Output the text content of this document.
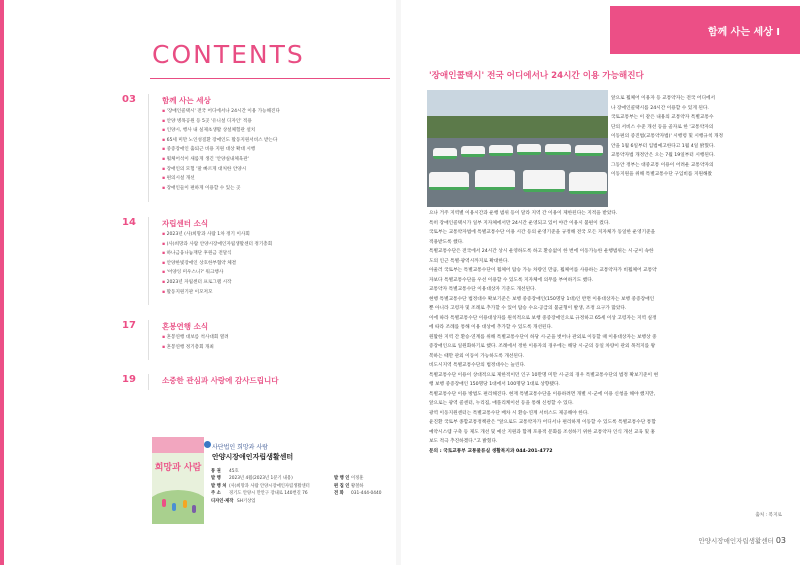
CONTENTS
03	함께 사는 세상
▪ '장애인콜택시' 전국 어디에서나 24시간 이용 가능해진다
▪ 안양 병목공원 등 5곳 '유니설 디자인' 적용
▪ 인양시, 행사 내 실제초생활 상설체험관 설치
▪ 65세 미만 노인성질환 장애인도 활동지원서비스 받는다
▪ 중증장애인 출퇴근 비용 지원 대상 확대 시행
▪ 휠체어석이 새롭게 생긴 '안양실내체육관'
▪ 장애인의 모험 '말 빠르게 대처한 안양시
▪ 편의시설 개선
▪ 장애인들이 편하게 이용할 수 있는 곳
14	자립센터 소식
▪ 2023년 (사)희망과 사람 1차 정기 이사회
▪ (사)희망과 사람 안양시장애인자립생활센터 정기총회
▪ 하나금융나눔재단 후원금 전달식
▪ 안양한빛장애인 상호한부협약 체결
▪ '어양잉 미우스니?' 워크행사
▪ 2023년 자립센터 프로그램 시작
▪ 활동지원기관 이모저모
17	혼봉연행 소식
▪ 혼봉연행 대보름 척사대회 열려
▪ 혼봉연행 정기총회 개최
19	소중한 관심과 사랑에 감사드립니다
희망과 사람
사단법인 희망과 사람
안양시장애인자립생활센터
통 권	45호
발 행	2023년 4월(2023년 1분기 내용)	발 행 인 이정훈
발 행 처 (사)희망과 사람 안양시장애인자립생활센터	편 집 인 황철하
주 소	경기도 안양시 만안구 장내로 140번길 76	전 화	031-444-0440
디자인·제작 SH기상업
함께 사는 세상 Ⅰ
'장애인콜택시' 전국 어디에서나 24시간 이용 가능해진다

앞으로 휠체어 이용자 등 교통약자는 전국 어디에서

나 장애인콜택시를 24시간 이용할 수 있게 된다.

국토교통부는 이 같은 내용의 교통약자 특별교통수

단의 서비스 수준 개선 등을 골자로 한 '교통약자의

이동편의 증진법(교통약자법)' 시행령 및 시행규칙 개정

안을 1월 6일부터 입법예고한다고 1월 4일 밝혔다.

교통약자법 개정안은 오는 7월 19일부터 시행된다.

그동안 정부는 대중교통 이용이 어려운 교통약자의

이동지원을 위해 특별교통수단 구입비를 지원해왔

으나 거주 지역별 이용시간과 운행 범위 등이 달라 지역 간 이용이 제한된다는 지적을 받았다.

특히 장애인콜택시가 일부 지자체에서만 24시간 운영되고 있어 야간 이용시 불편이 컸다.

국토부는 교통약자법에 특별교통수단 이용 시간 등의 운영기준을 규정해 전국 모든 지자체가 동일한 운영기준을

적용받도록 했다.

특별교통수단은 전국에서 24시간 상시 운영하도록 하고 환승없이 한 번에 이동가능한 운행범위는 시·군이 속한

도의 인근 특별·광역시까지로 확대한다.

아울러 국토부는 특별교통수단이 휠체어 탑승 가능 차량인 만큼, 휠체어를 사용하는 교통약자가 비휠체어 교통약

자보다 특별교통수단을 우선 이용할 수 있도록 지자체에 의무를 부여하기도 했다.

교통약자 특별교통수단 이용대상자 기준도 개선된다.

현행 특별교통수단 법정대수 확보기준은 보행 중증장애인(150명당 1대)인 반면 이용대상자는 보행 중증장애인

뿐 아니라 고령자 및 조례로 추가할 수 있어 탑승 수요·공급의 불균형이 발생, 조정 요구가 많았다.

이에 따라 특별교통수단 이용대상자를 원칙적으로 보행 중증장애인으로 규정하고 65세 이상 고령자는 지역 실정

에 따라 조례를 통해 이용 대상에 추가할 수 있도록 개선된다.

원활한 지역 간 환승·연계를 위해 특별교통수단이 하당 시·군을 벗어나 관외로 이동할 때 이용대상자는 보행상 중

증장애인으로 일원화하기로 했다. 조례에서 정한 이용자의 경우에는 해당 시·군의 동일 차량이 관외 목적지를 왕

복하는 때만 관외 이동이 가능하도록 개선된다.

비도시지역 특별교통수단의 법정대수는 늘린다.

특별교통수단 이용이 상대적으로 제한적이던 인구 10만명 미만 시·군의 경우 특별교통수단의 법정 확보기준이 현

행 보행 중증장애인 150명당 1대에서 100명당 1대로 상향됐다.

특별교통수단 이용 방법도 편리해진다. 현재 특별교통수단을 이용하려면 개별 시·군에 이용 신청을 해야 했지만,

앞으로는 광역 콜센터, 누리집, 애플리케이션 등을 통해 신청할 수 있다.

광역 이동지원센터는 특별교통수단 배차 시 환승·연계 서비스도 제공해야 한다.

윤진환 국토부 종합교통정책관은 "앞으로도 교통약자가 어디서나 편리하게 이동할 수 있도록 특별교통수단 통합

예약시스템 구축 등 제도 개선 및 예산 지원과 함께 포용적 문화를 조성하기 위한 교통약자 인식 개선 교육 및 홍

보도 적극 추진하겠다."고 밝혔다.

문의 : 국토교통부 교통물류실 생활복지과 044-201-4772

출처 : 복지로
안양시장애인자립생활센터 03
